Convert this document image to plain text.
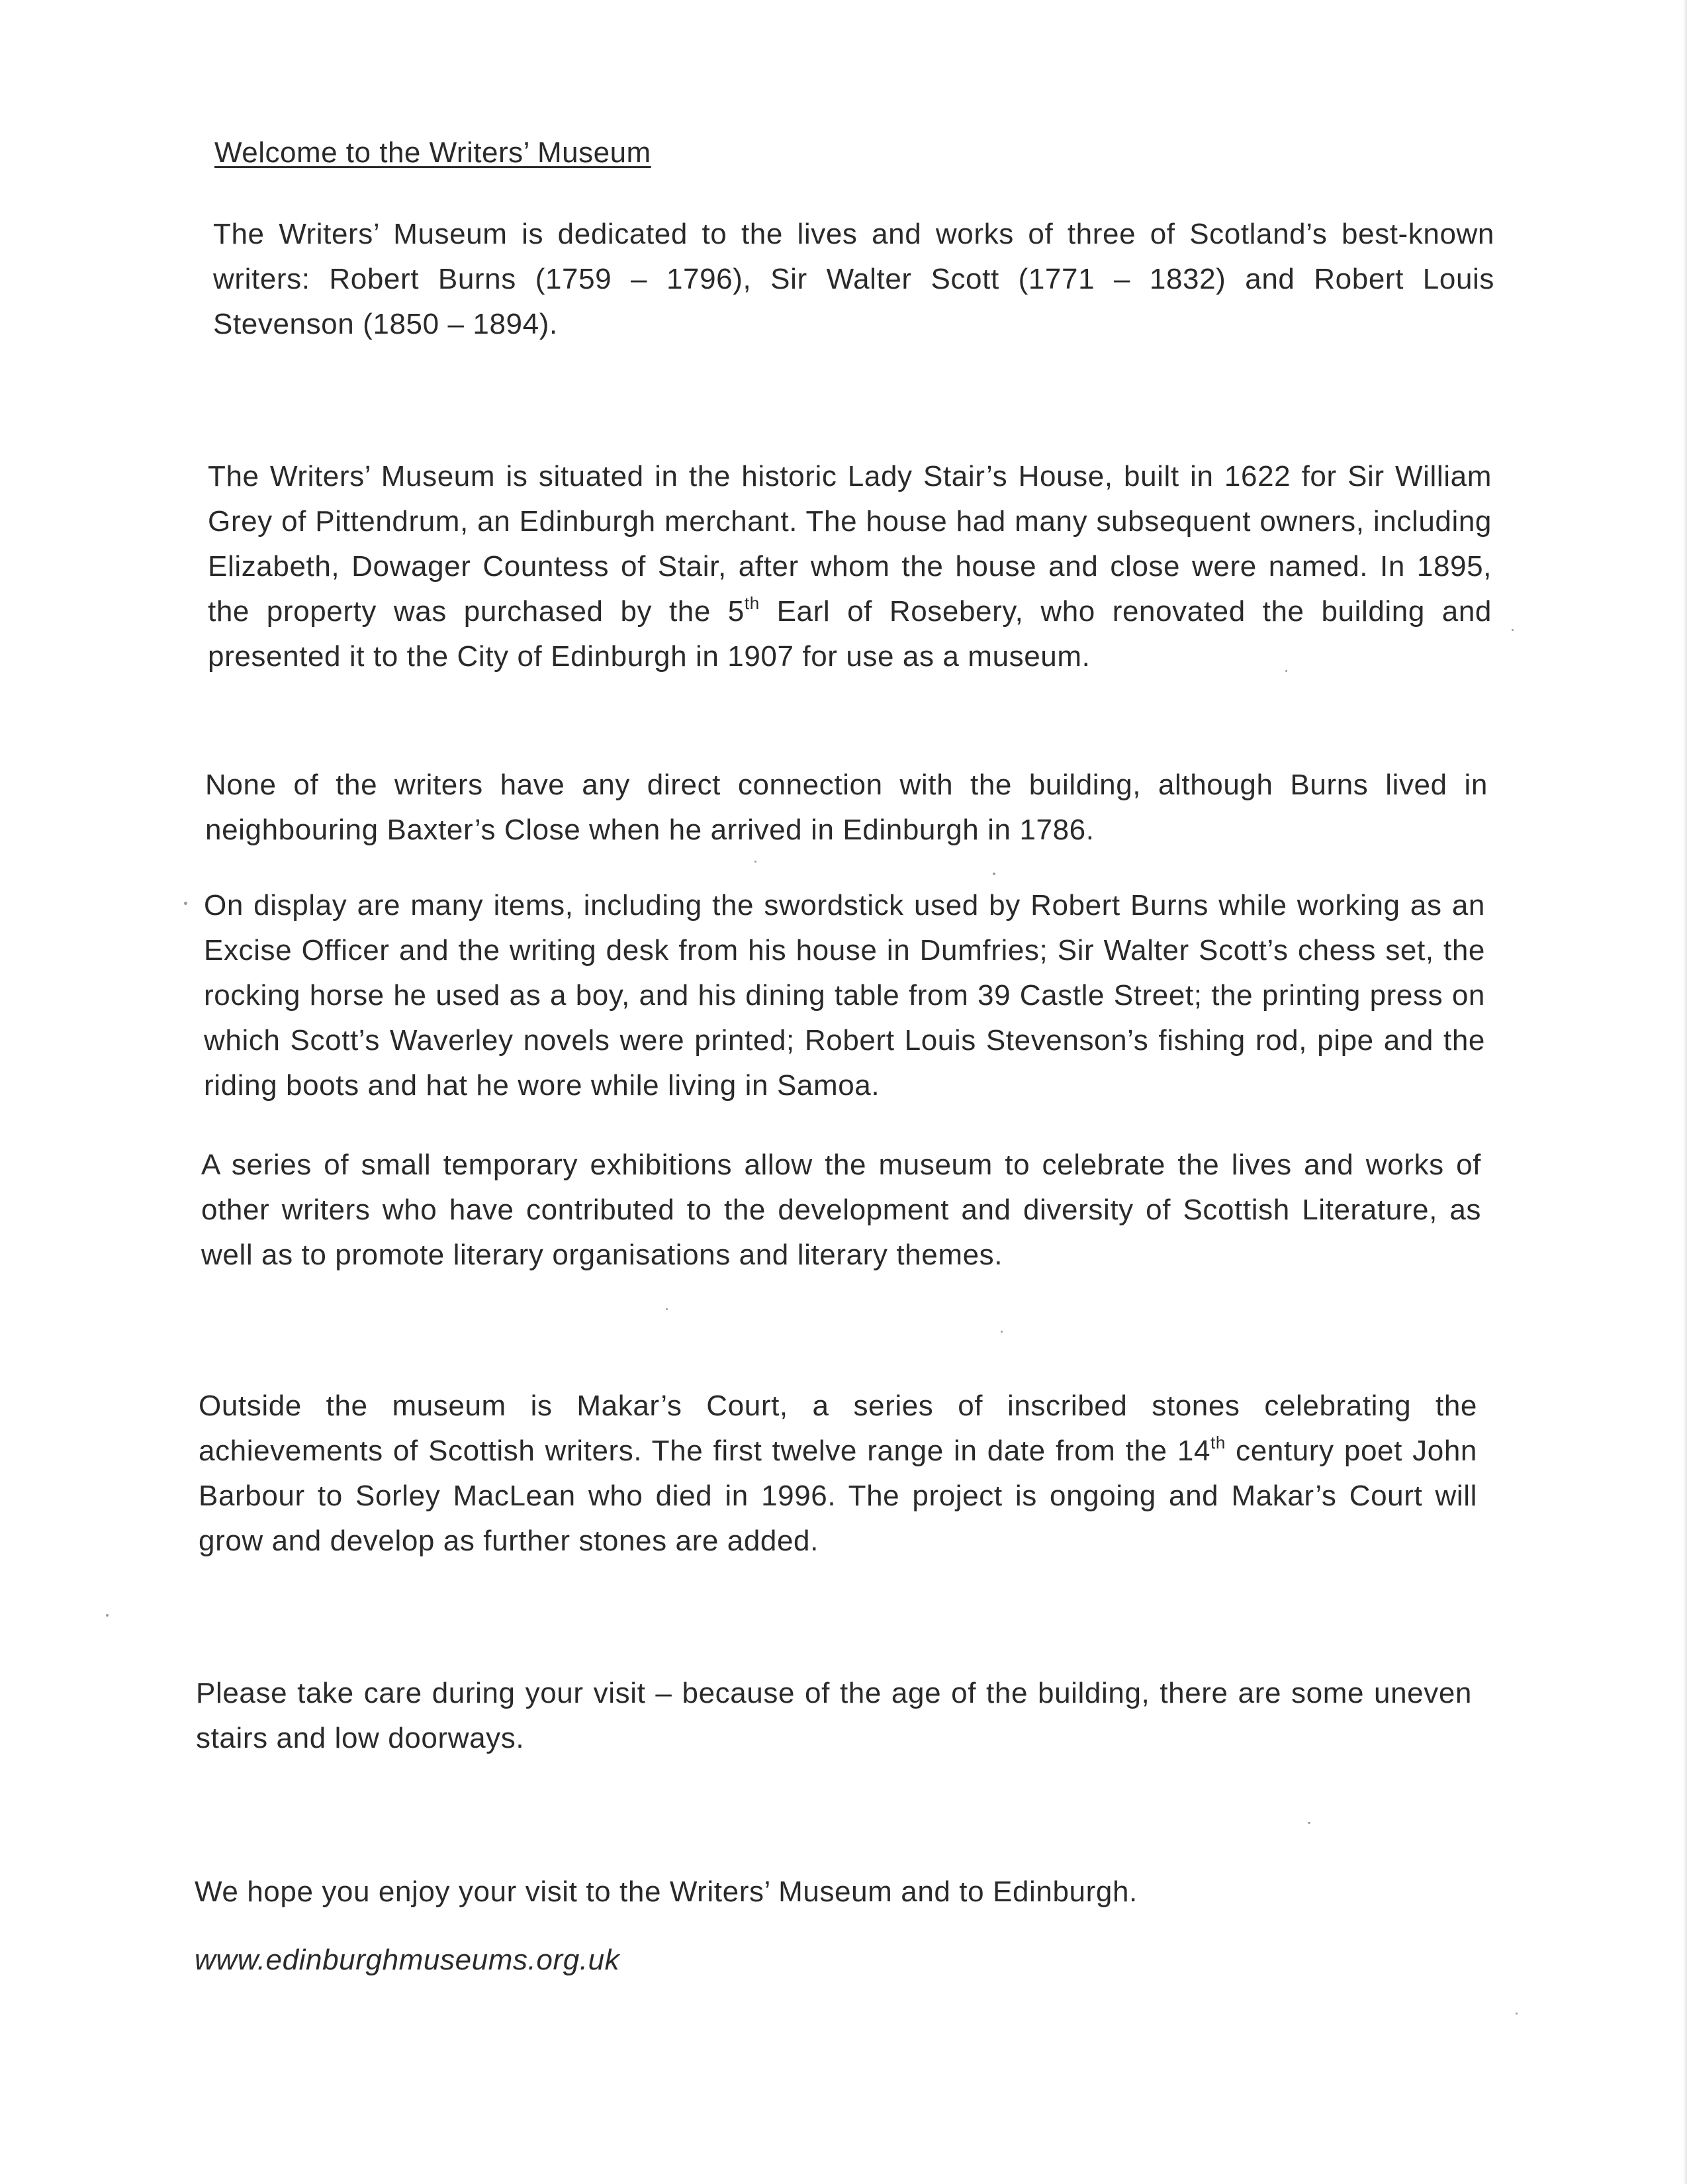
Welcome to the Writers’ Museum

The Writers’ Museum is dedicated to the lives and works of three of Scotland’s best-known writers: Robert Burns (1759 – 1796), Sir Walter Scott (1771 – 1832) and Robert Louis Stevenson (1850 – 1894).

The Writers’ Museum is situated in the historic Lady Stair’s House, built in 1622 for Sir William Grey of Pittendrum, an Edinburgh merchant. The house had many subsequent owners, including Elizabeth, Dowager Countess of Stair, after whom the house and close were named. In 1895, the property was purchased by the 5th Earl of Rosebery, who renovated the building and presented it to the City of Edinburgh in 1907 for use as a museum.

None of the writers have any direct connection with the building, although Burns lived in neighbouring Baxter’s Close when he arrived in Edinburgh in 1786.

On display are many items, including the swordstick used by Robert Burns while working as an Excise Officer and the writing desk from his house in Dumfries; Sir Walter Scott’s chess set, the rocking horse he used as a boy, and his dining table from 39 Castle Street; the printing press on which Scott’s Waverley novels were printed; Robert Louis Stevenson’s fishing rod, pipe and the riding boots and hat he wore while living in Samoa.

A series of small temporary exhibitions allow the museum to celebrate the lives and works of other writers who have contributed to the development and diversity of Scottish Literature, as well as to promote literary organisations and literary themes.

Outside the museum is Makar’s Court, a series of inscribed stones celebrating the achievements of Scottish writers. The first twelve range in date from the 14th century poet John Barbour to Sorley MacLean who died in 1996. The project is ongoing and Makar’s Court will grow and develop as further stones are added.

Please take care during your visit – because of the age of the building, there are some uneven stairs and low doorways.

We hope you enjoy your visit to the Writers’ Museum and to Edinburgh.

www.edinburghmuseums.org.uk
